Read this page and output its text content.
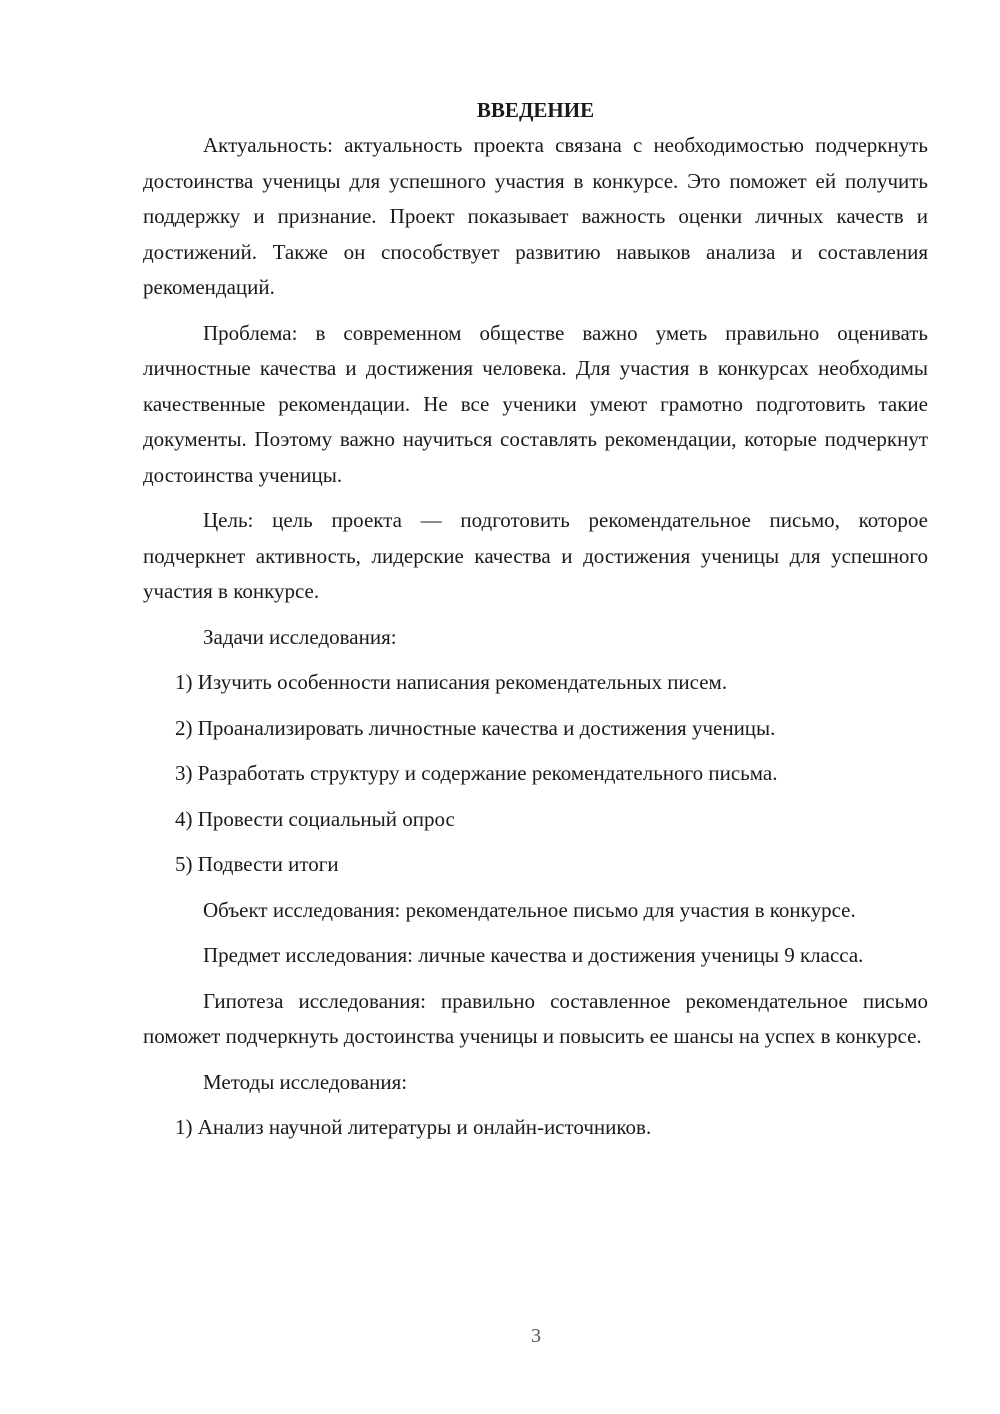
ВВЕДЕНИЕ

Актуальность: актуальность проекта связана с необходимостью подчеркнуть достоинства ученицы для успешного участия в конкурсе. Это поможет ей получить поддержку и признание. Проект показывает важность оценки личных качеств и достижений. Также он способствует развитию навыков анализа и составления рекомендаций.

Проблема: в современном обществе важно уметь правильно оценивать личностные качества и достижения человека. Для участия в конкурсах необходимы качественные рекомендации. Не все ученики умеют грамотно подготовить такие документы. Поэтому важно научиться составлять рекомендации, которые подчеркнут достоинства ученицы.

Цель: цель проекта — подготовить рекомендательное письмо, которое подчеркнет активность, лидерские качества и достижения ученицы для успешного участия в конкурсе.

Задачи исследования:

1) Изучить особенности написания рекомендательных писем.

2) Проанализировать личностные качества и достижения ученицы.

3) Разработать структуру и содержание рекомендательного письма.

4) Провести социальный опрос

5) Подвести итоги

Объект исследования: рекомендательное письмо для участия в конкурсе.

Предмет исследования: личные качества и достижения ученицы 9 класса.

Гипотеза исследования: правильно составленное рекомендательное письмо поможет подчеркнуть достоинства ученицы и повысить ее шансы на успех в конкурсе.

Методы исследования:

1) Анализ научной литературы и онлайн-источников.

3
